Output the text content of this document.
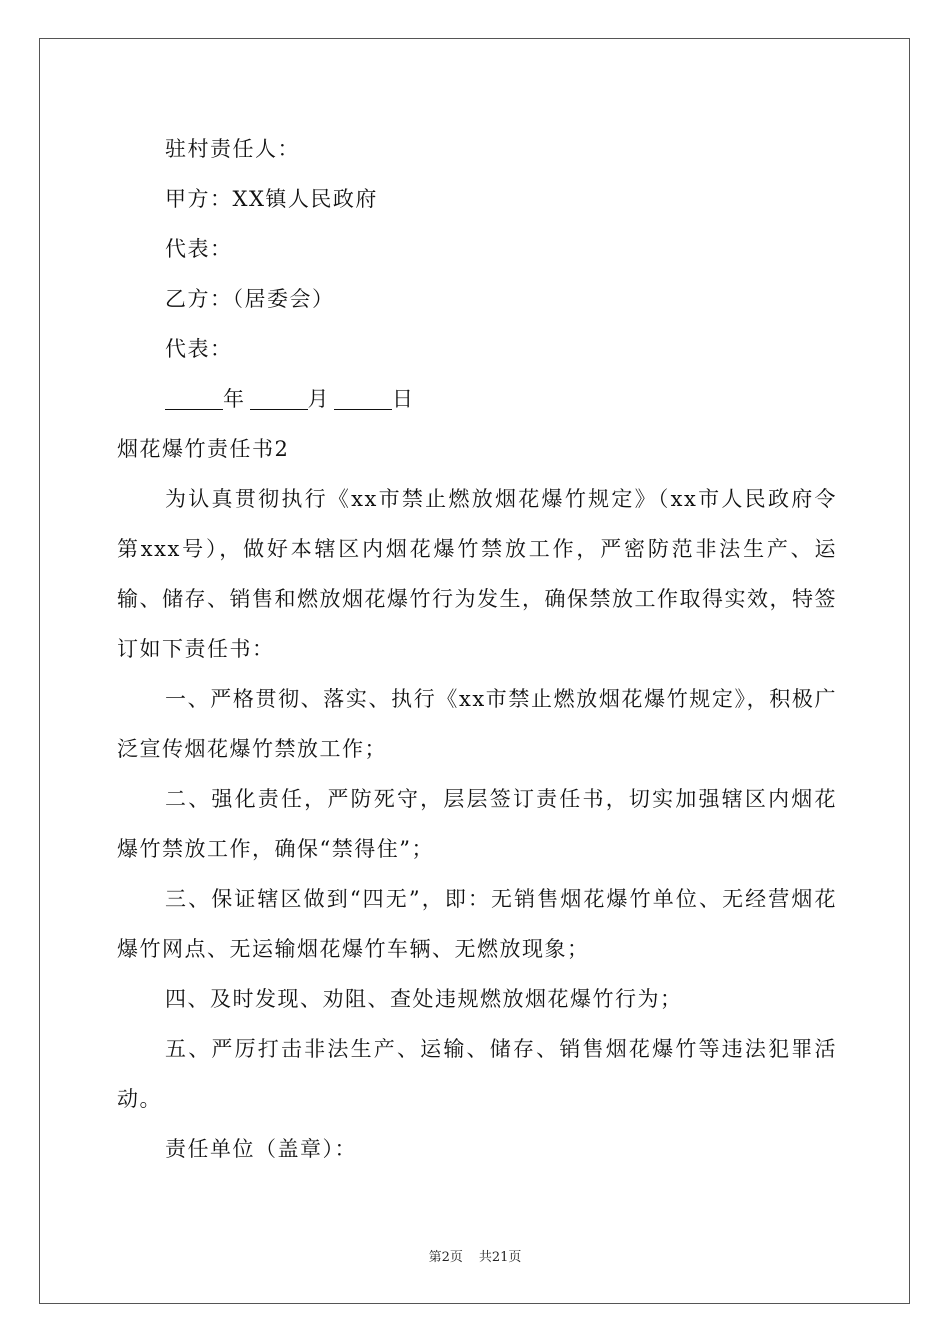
驻村责任人：
甲方：XX镇人民政府
代表：
乙方：（居委会）
代表：
年	月	日
烟花爆竹责任书2
为认真贯彻执行《xx市禁止燃放烟花爆竹规定》（xx市人民政府令第xxx号），做好本辖区内烟花爆竹禁放工作，严密防范非法生产、运输、储存、销售和燃放烟花爆竹行为发生，确保禁放工作取得实效，特签订如下责任书：
一、严格贯彻、落实、执行《xx市禁止燃放烟花爆竹规定》，积极广泛宣传烟花爆竹禁放工作；
二、强化责任，严防死守，层层签订责任书，切实加强辖区内烟花爆竹禁放工作，确保“禁得住”；
三、保证辖区做到“四无”，即：无销售烟花爆竹单位、无经营烟花爆竹网点、无运输烟花爆竹车辆、无燃放现象；
四、及时发现、劝阻、查处违规燃放烟花爆竹行为；
五、严厉打击非法生产、运输、储存、销售烟花爆竹等违法犯罪活动。
责任单位（盖章）：
第2页 共21页
